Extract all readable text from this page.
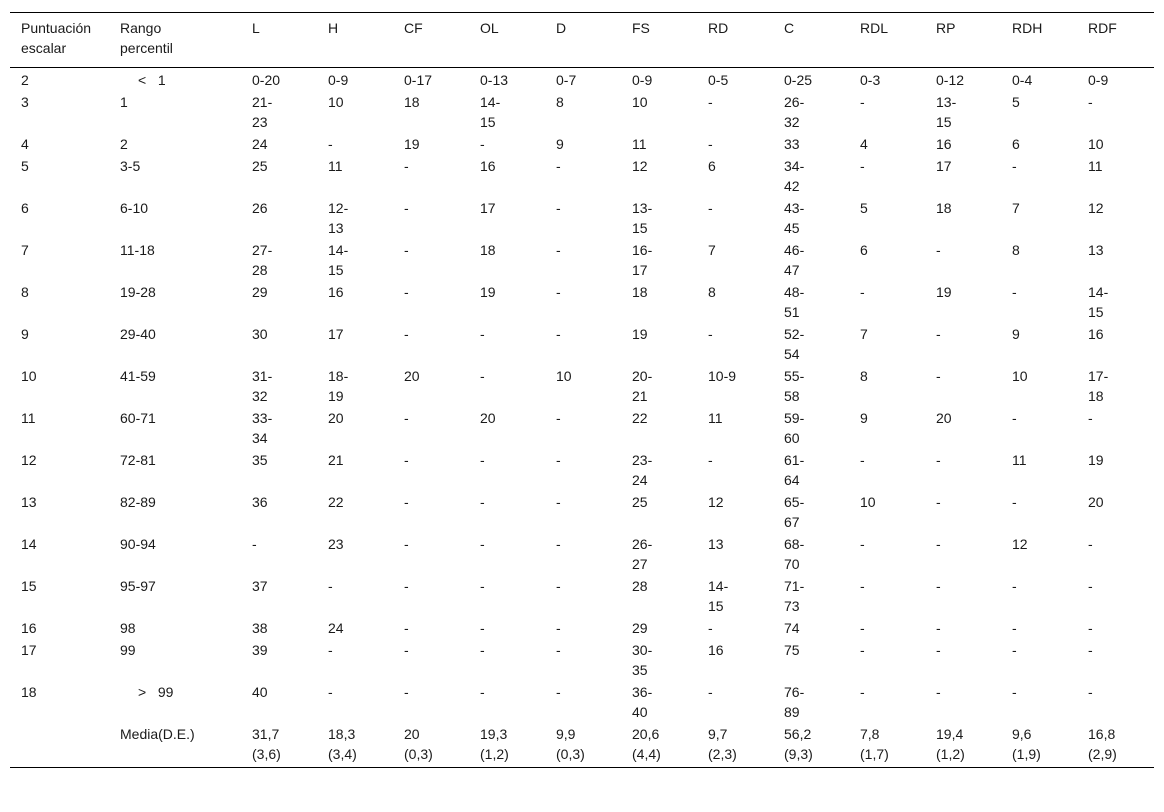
Puntuación escalar	Rango percentil	L	H	CF	OL	D	FS	RD	C	RDL	RP	RDH	RDF

2	<   1	0-20	0-9	0-17	0-13	0-7	0-9	0-5	0-25	0-3	0-12	0-4	0-9

3	1	21-23	10	18	14-15	8	10	-	26-32	-	13-15	5	-

4	2	24	-	19	-	9	11	-	33	4	16	6	10

5	3-5	25	11	-	16	-	12	6	34-42	-	17	-	11

6	6-10	26	12-13	-	17	-	13-15	-	43-45	5	18	7	12

7	11-18	27-28	14-15	-	18	-	16-17	7	46-47	6	-	8	13

8	19-28	29	16	-	19	-	18	8	48-51	-	19	-	14-15

9	29-40	30	17	-	-	-	19	-	52-54	7	-	9	16

10	41-59	31-32	18-19	20	-	10	20-21	10-9	55-58	8	-	10	17-18

11	60-71	33-34	20	-	20	-	22	11	59-60	9	20	-	-

12	72-81	35	21	-	-	-	23-24	-	61-64	-	-	11	19

13	82-89	36	22	-	-	-	25	12	65-67	10	-	-	20

14	90-94	-	23	-	-	-	26-27	13	68-70	-	-	12	-

15	95-97	37	-	-	-	-	28	14-15	71-73	-	-	-	-

16	98	38	24	-	-	-	29	-	74	-	-	-	-

17	99	39	-	-	-	-	30-35	16	75	-	-	-	-

18	>   99	40	-	-	-	-	36-40	-	76-89	-	-	-	-

	Media(D.E.)	31,7 (3,6)	18,3 (3,4)	20 (0,3)	19,3 (1,2)	9,9 (0,3)	20,6 (4,4)	9,7 (2,3)	56,2 (9,3)	7,8 (1,7)	19,4 (1,2)	9,6 (1,9)	16,8 (2,9)
